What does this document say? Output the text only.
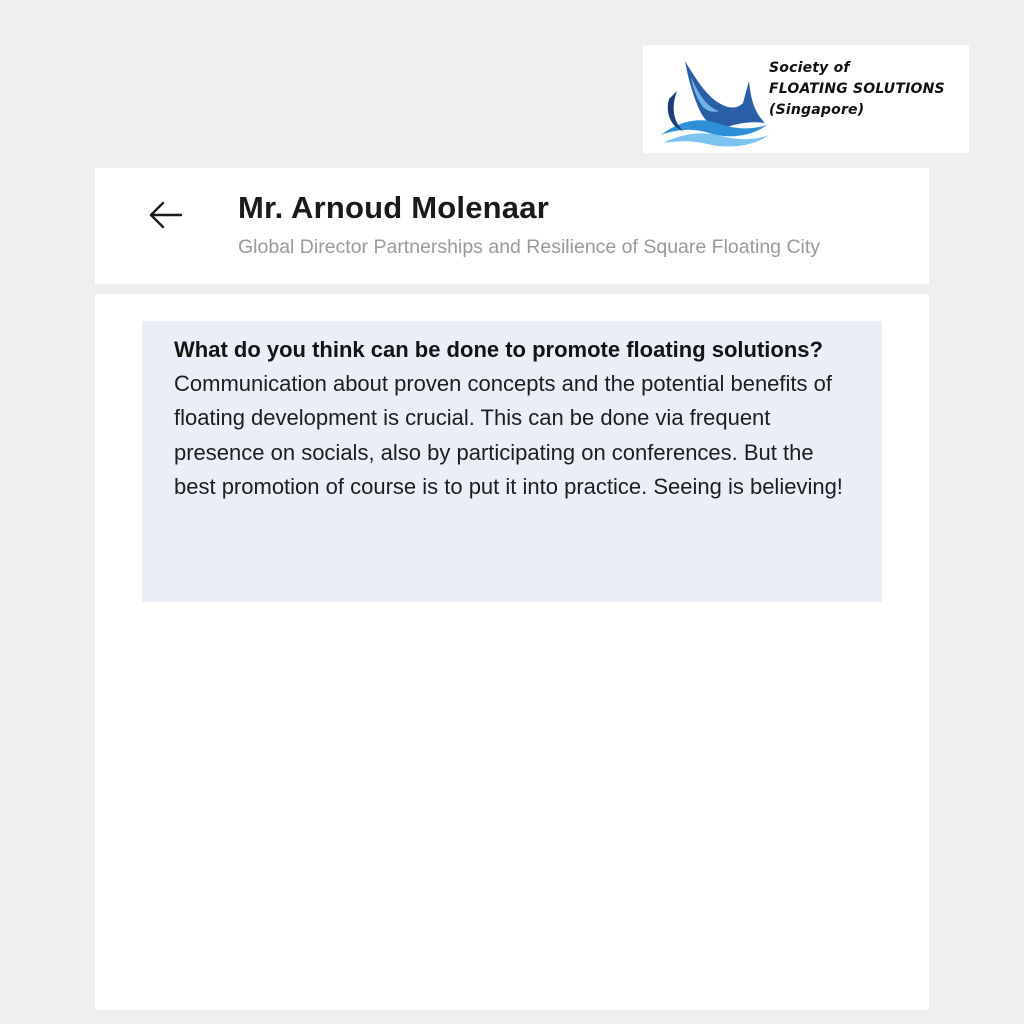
Society of
FLOATING SOLUTIONS
(Singapore)
Mr. Arnoud Molenaar
Global Director Partnerships and Resilience of Square Floating City
What do you think can be done to promote floating solutions?
Communication about proven concepts and the potential benefits of floating development is crucial. This can be done via frequent presence on socials, also by participating on conferences. But the best promotion of course is to put it into practice. Seeing is believing!
